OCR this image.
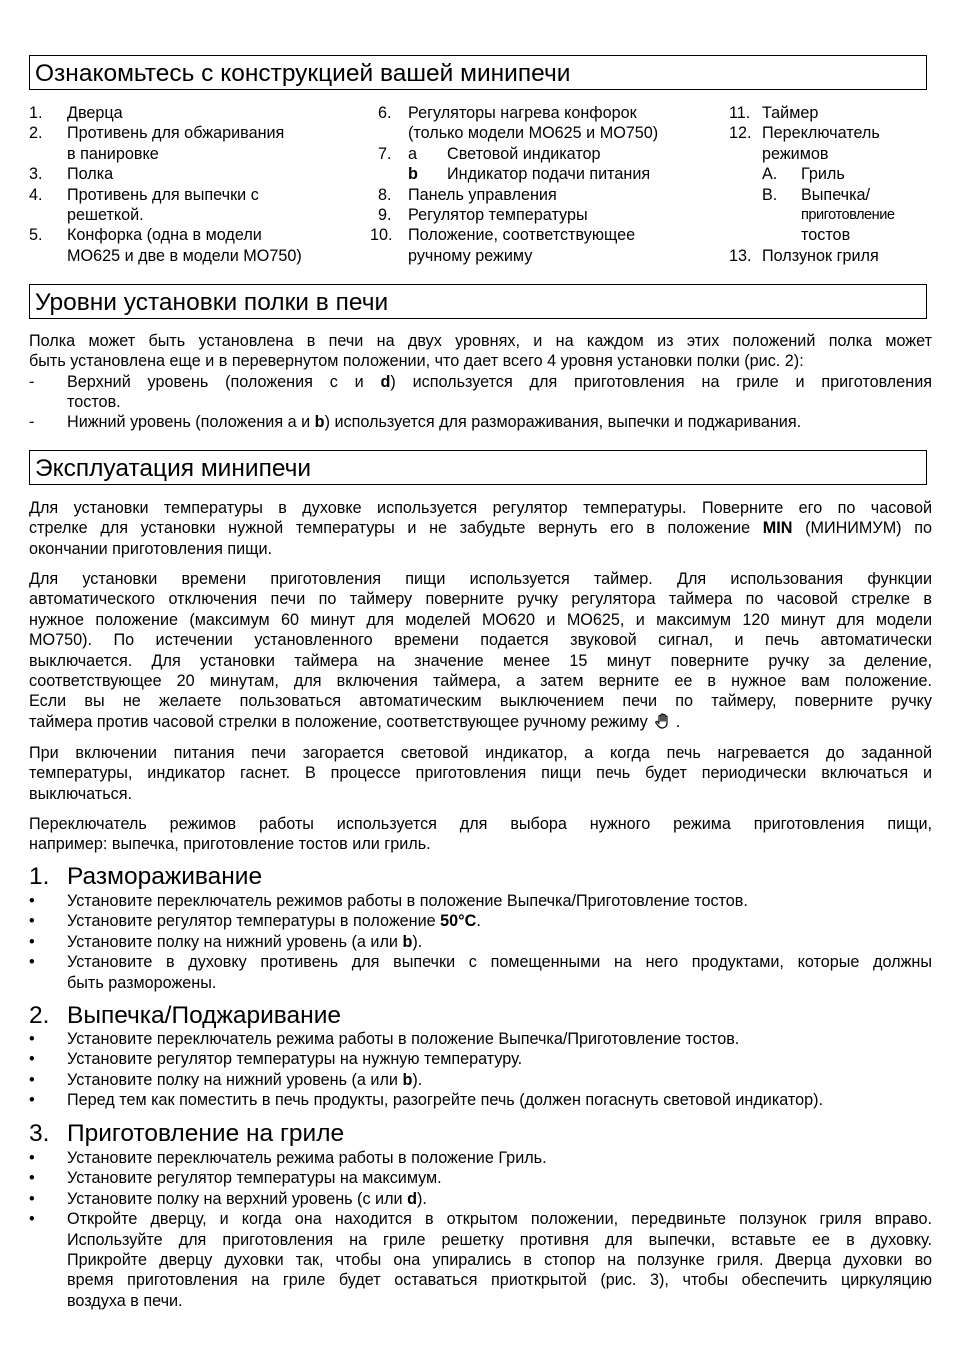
Ознакомьтесь с конструкцией вашей минипечи
1. Дверца
2. Противень для обжаривания
в панировке
3. Полка
4. Противень для выпечки с
решеткой.
5. Конфорка (одна в модели
MO625 и две в модели MO750)
6. Регуляторы нагрева конфорок
(только модели MO625 и MO750)
7. a Световой индикатор
b Индикатор подачи питания
8. Панель управления
9. Регулятор температуры
10. Положение, соответствующее
ручному режиму
11. Таймер
12. Переключатель
режимов
A. Гриль
B. Выпечка/
приготовление
тостов
13. Ползунок гриля
Уровни установки полки в печи
Полка может быть установлена в печи на двух уровнях, и на каждом из этих положений полка может
быть установлена еще и в перевернутом положении, что дает всего 4 уровня установки полки (рис. 2):
- Верхний уровень (положения c и d) используется для приготовления на гриле и приготовления
тостов.
- Нижний уровень (положения а и b) используется для размораживания, выпечки и поджаривания.
Эксплуатация минипечи
Для установки температуры в духовке используется регулятор температуры. Поверните его по часовой
стрелке для установки нужной температуры и не забудьте вернуть его в положение MIN (МИНИМУМ) по
окончании приготовления пищи.
Для установки времени приготовления пищи используется таймер. Для использования функции
автоматического отключения печи по таймеру поверните ручку регулятора таймера по часовой стрелке в
нужное положение (максимум 60 минут для моделей MO620 и MO625, и максимум 120 минут для модели
MO750). По истечении установленного времени подается звуковой сигнал, и печь автоматически
выключается. Для установки таймера на значение менее 15 минут поверните ручку за деление,
соответствующее 20 минутам, для включения таймера, а затем верните ее в нужное вам положение.
Если вы не желаете пользоваться автоматическим выключением печи по таймеру, поверните ручку
таймера против часовой стрелки в положение, соответствующее ручному режиму .
При включении питания печи загорается световой индикатор, а когда печь нагревается до заданной
температуры, индикатор гаснет. В процессе приготовления пищи печь будет периодически включаться и
выключаться.
Переключатель режимов работы используется для выбора нужного режима приготовления пищи,
например: выпечка, приготовление тостов или гриль.
1. Размораживание
• Установите переключатель режимов работы в положение Выпечка/Приготовление тостов.
• Установите регулятор температуры в положение 50°C.
• Установите полку на нижний уровень (а или b).
• Установите в духовку противень для выпечки с помещенными на него продуктами, которые должны
быть разморожены.
2. Выпечка/Поджаривание
• Установите переключатель режима работы в положение Выпечка/Приготовление тостов.
• Установите регулятор температуры на нужную температуру.
• Установите полку на нижний уровень (а или b).
• Перед тем как поместить в печь продукты, разогрейте печь (должен погаснуть световой индикатор).
3. Приготовление на гриле
• Установите переключатель режима работы в положение Гриль.
• Установите регулятор температуры на максимум.
• Установите полку на верхний уровень (с или d).
• Откройте дверцу, и когда она находится в открытом положении, передвиньте ползунок гриля вправо.
Используйте для приготовления на гриле решетку противня для выпечки, вставьте ее в духовку.
Прикройте дверцу духовки так, чтобы она упирались в стопор на ползунке гриля. Дверца духовки во
время приготовления на гриле будет оставаться приоткрытой (рис. 3), чтобы обеспечить циркуляцию
воздуха в печи.
